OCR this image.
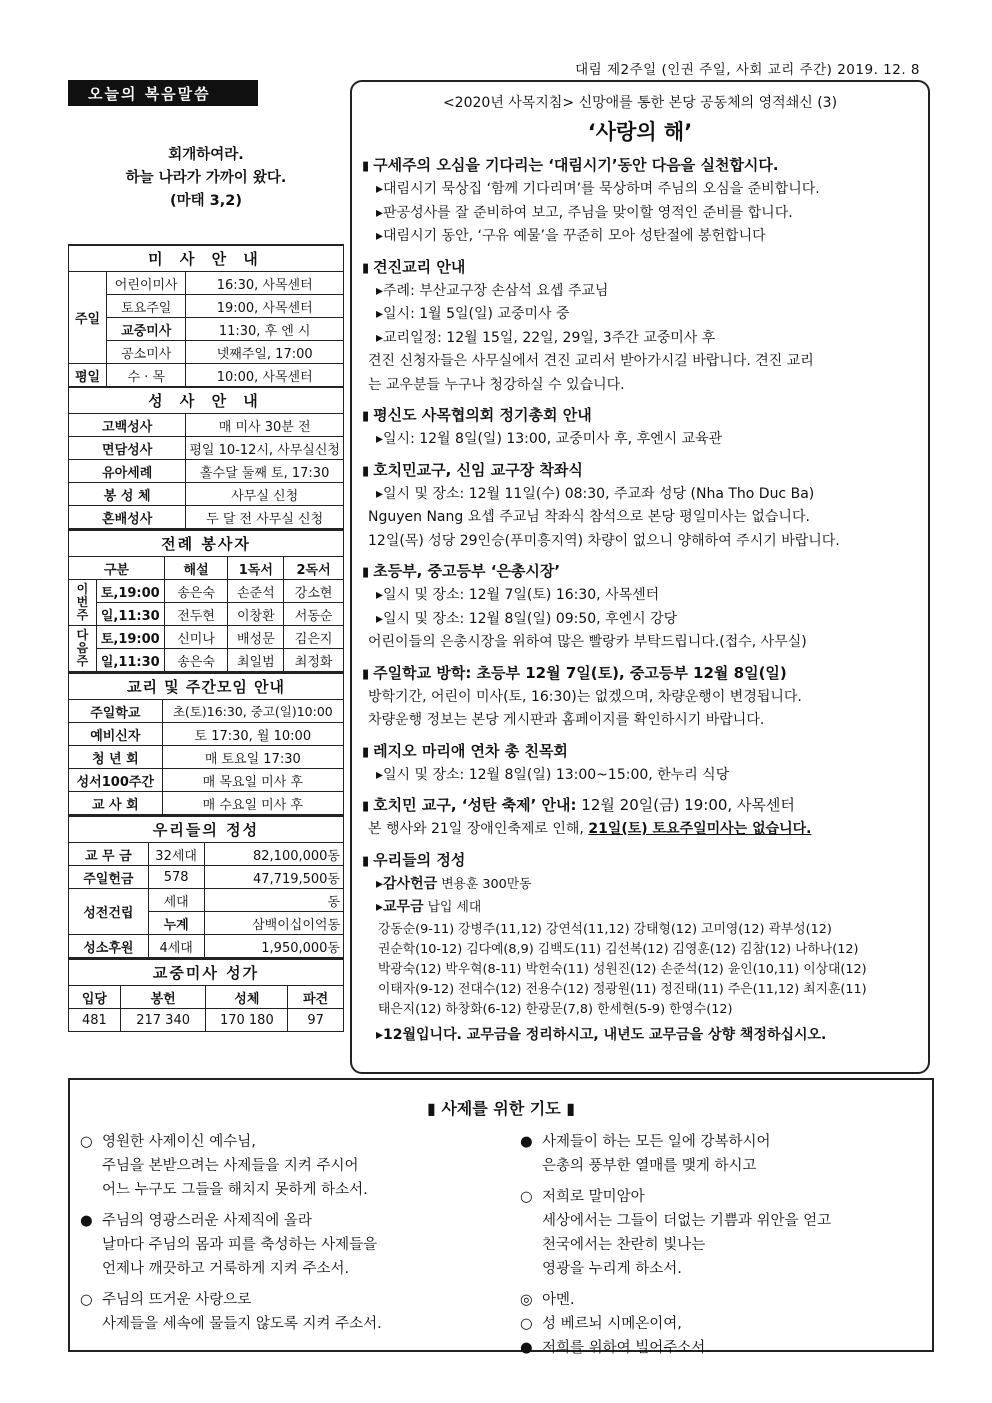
대림 제2주일 (인권 주일, 사회 교리 주간) 2019. 12. 8
오늘의 복음말씀
회개하여라.
하늘 나라가 가까이 왔다.
(마태 3,2)
미 사 안 내		
주일	어린이미사	16:30, 사목센터
	토요주일	19:00, 사목센터
	교중미사	11:30, 후 엔 시
	공소미사	넷째주일, 17:00
평일	수 · 목	10:00, 사목센터
성 사 안 내		
고백성사		매 미사 30분 전
면담성사		평일 10-12시, 사무실신청
유아세례		홀수달 둘째 토, 17:30
봉 성 체		사무실 신청
혼배성사		두 달 전 사무실 신청
전례 봉사자				
구분		해설	1독서	2독서
이번주	토,19:00	송은숙	손준석	강소현
	일,11:30	전두현	이창환	서동순
다음주	토,19:00	신미나	배성문	김은지
	일,11:30	송은숙	최일범	최정화
교리 및 주간모임 안내	
주일학교	초(토)16:30, 중고(일)10:00
예비신자	토 17:30, 월 10:00
청 년 회	매 토요일 17:30
성서100주간	매 목요일 미사 후
교 사 회	매 수요일 미사 후
우리들의 정성		
교 무 금	32세대	82,100,000동
주일헌금	578	47,719,500동
성전건립	세대	동
	누계	삼백이십이억동
성소후원	4세대	1,950,000동
교중미사 성가			
입당	봉헌	성체	파견
481	217 340	170 180	97
<2020년 사목지침> 신망애를 통한 본당 공동체의 영적쇄신 (3)
‘사랑의 해’
▮ 구세주의 오심을 기다리는 ‘대림시기’동안 다음을 실천합시다.
▸대림시기 묵상집 ‘함께 기다리며’를 묵상하며 주님의 오심을 준비합니다.
▸판공성사를 잘 준비하여 보고, 주님을 맞이할 영적인 준비를 합니다.
▸대림시기 동안, ‘구유 예물’을 꾸준히 모아 성탄절에 봉헌합니다
▮ 견진교리 안내
▸주례: 부산교구장 손삼석 요셉 주교님
▸일시: 1월 5일(일) 교중미사 중
▸교리일정: 12월 15일, 22일, 29일, 3주간 교중미사 후
견진 신청자들은 사무실에서 견진 교리서 받아가시길 바랍니다. 견진 교리
는 교우분들 누구나 청강하실 수 있습니다.
▮ 평신도 사목협의회 정기총회 안내
▸일시: 12월 8일(일) 13:00, 교중미사 후, 후엔시 교육관
▮ 호치민교구, 신임 교구장 착좌식
▸일시 및 장소: 12월 11일(수) 08:30, 주교좌 성당 (Nha Tho Duc Ba)
Nguyen Nang 요셉 주교님 착좌식 참석으로 본당 평일미사는 없습니다.
12일(목) 성당 29인승(푸미흥지역) 차량이 없으니 양해하여 주시기 바랍니다.
▮ 초등부, 중고등부 ‘은총시장’
▸일시 및 장소: 12월 7일(토) 16:30, 사목센터
▸일시 및 장소: 12월 8일(일) 09:50, 후엔시 강당
어린이들의 은총시장을 위하여 많은 빨랑카 부탁드립니다.(접수, 사무실)
▮ 주일학교 방학: 초등부 12월 7일(토), 중고등부 12월 8일(일)
방학기간, 어린이 미사(토, 16:30)는 없겠으며, 차량운행이 변경됩니다.
차량운행 정보는 본당 게시판과 홈페이지를 확인하시기 바랍니다.
▮ 레지오 마리애 연차 총 친목회
▸일시 및 장소: 12월 8일(일) 13:00~15:00, 한누리 식당
▮ 호치민 교구, ‘성탄 축제’ 안내: 12월 20일(금) 19:00, 사목센터
본 행사와 21일 장애인축제로 인해, 21일(토) 토요주일미사는 없습니다.
▮ 우리들의 정성
▸감사헌금 변용훈 300만동
▸교무금 납입 세대
강동순(9-11) 강병주(11,12) 강연석(11,12) 강태형(12) 고미영(12) 곽부성(12)
권순학(10-12) 김다예(8,9) 김백도(11) 김선복(12) 김영훈(12) 김참(12) 나하나(12)
박광숙(12) 박우혁(8-11) 박헌숙(11) 성원진(12) 손준석(12) 윤인(10,11) 이상대(12)
이태자(9-12) 전대수(12) 전용수(12) 정광원(11) 정진태(11) 주은(11,12) 최지훈(11)
태은지(12) 하창화(6-12) 한광문(7,8) 한세현(5-9) 한영수(12)
▸12월입니다. 교무금을 정리하시고, 내년도 교무금을 상향 책정하십시오.
▮ 사제를 위한 기도 ▮
○ 영원한 사제이신 예수님,
주님을 본받으려는 사제들을 지켜 주시어
어느 누구도 그들을 해치지 못하게 하소서.
● 주님의 영광스러운 사제직에 올라
날마다 주님의 몸과 피를 축성하는 사제들을
언제나 깨끗하고 거룩하게 지켜 주소서.
○ 주님의 뜨거운 사랑으로
사제들을 세속에 물들지 않도록 지켜 주소서.
● 사제들이 하는 모든 일에 강복하시어
은총의 풍부한 열매를 맺게 하시고
○ 저희로 말미암아
세상에서는 그들이 더없는 기쁨과 위안을 얻고
천국에서는 찬란히 빛나는
영광을 누리게 하소서.
◎ 아멘.
○ 성 베르뇌 시메온이여,
● 저희를 위하여 빌어주소서.
